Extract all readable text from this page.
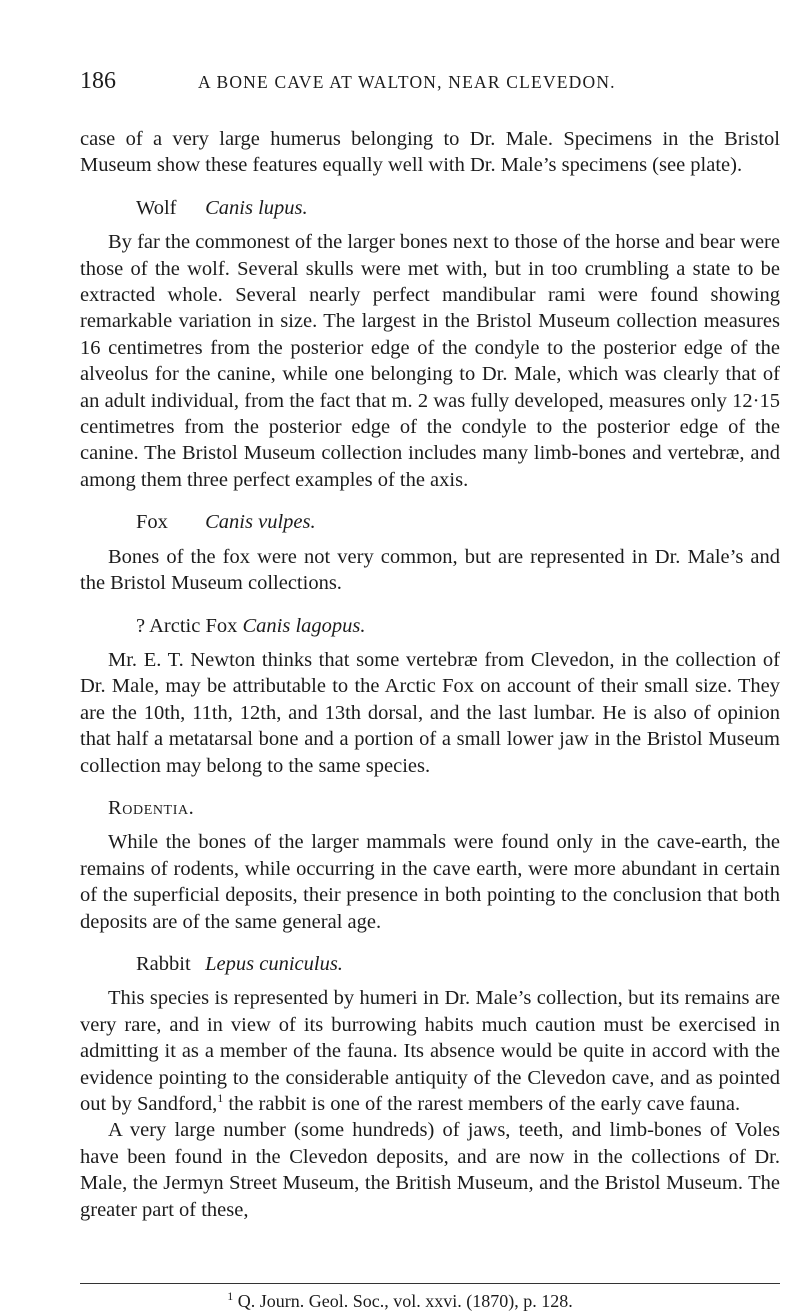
186	A BONE CAVE AT WALTON, NEAR CLEVEDON.

case of a very large humerus belonging to Dr. Male. Specimens in the Bristol Museum show these features equally well with Dr. Male’s specimens (see plate).

Wolf Canis lupus.

By far the commonest of the larger bones next to those of the horse and bear were those of the wolf. Several skulls were met with, but in too crumbling a state to be extracted whole. Several nearly perfect mandibular rami were found showing remarkable variation in size. The largest in the Bristol Museum collection measures 16 centimetres from the posterior edge of the condyle to the posterior edge of the alveolus for the canine, while one belonging to Dr. Male, which was clearly that of an adult individual, from the fact that m. 2 was fully developed, measures only 12·15 centimetres from the posterior edge of the condyle to the posterior edge of the canine. The Bristol Museum collection includes many limb-bones and vertebræ, and among them three perfect examples of the axis.

Fox Canis vulpes.

Bones of the fox were not very common, but are represented in Dr. Male’s and the Bristol Museum collections.

? Arctic Fox Canis lagopus.

Mr. E. T. Newton thinks that some vertebræ from Clevedon, in the collection of Dr. Male, may be attributable to the Arctic Fox on account of their small size. They are the 10th, 11th, 12th, and 13th dorsal, and the last lumbar. He is also of opinion that half a metatarsal bone and a portion of a small lower jaw in the Bristol Museum collection may belong to the same species.

Rodentia.

While the bones of the larger mammals were found only in the cave-earth, the remains of rodents, while occurring in the cave earth, were more abundant in certain of the superficial deposits, their presence in both pointing to the conclusion that both deposits are of the same general age.

Rabbit Lepus cuniculus.

This species is represented by humeri in Dr. Male’s collection, but its remains are very rare, and in view of its burrowing habits much caution must be exercised in admitting it as a member of the fauna. Its absence would be quite in accord with the evidence pointing to the considerable antiquity of the Clevedon cave, and as pointed out by Sandford,$^1$ the rabbit is one of the rarest members of the early cave fauna.

A very large number (some hundreds) of jaws, teeth, and limb-bones of Voles have been found in the Clevedon deposits, and are now in the collections of Dr. Male, the Jermyn Street Museum, the British Museum, and the Bristol Museum. The greater part of these,

$^1$ Q. Journ. Geol. Soc., vol. xxvi. (1870), p. 128.
